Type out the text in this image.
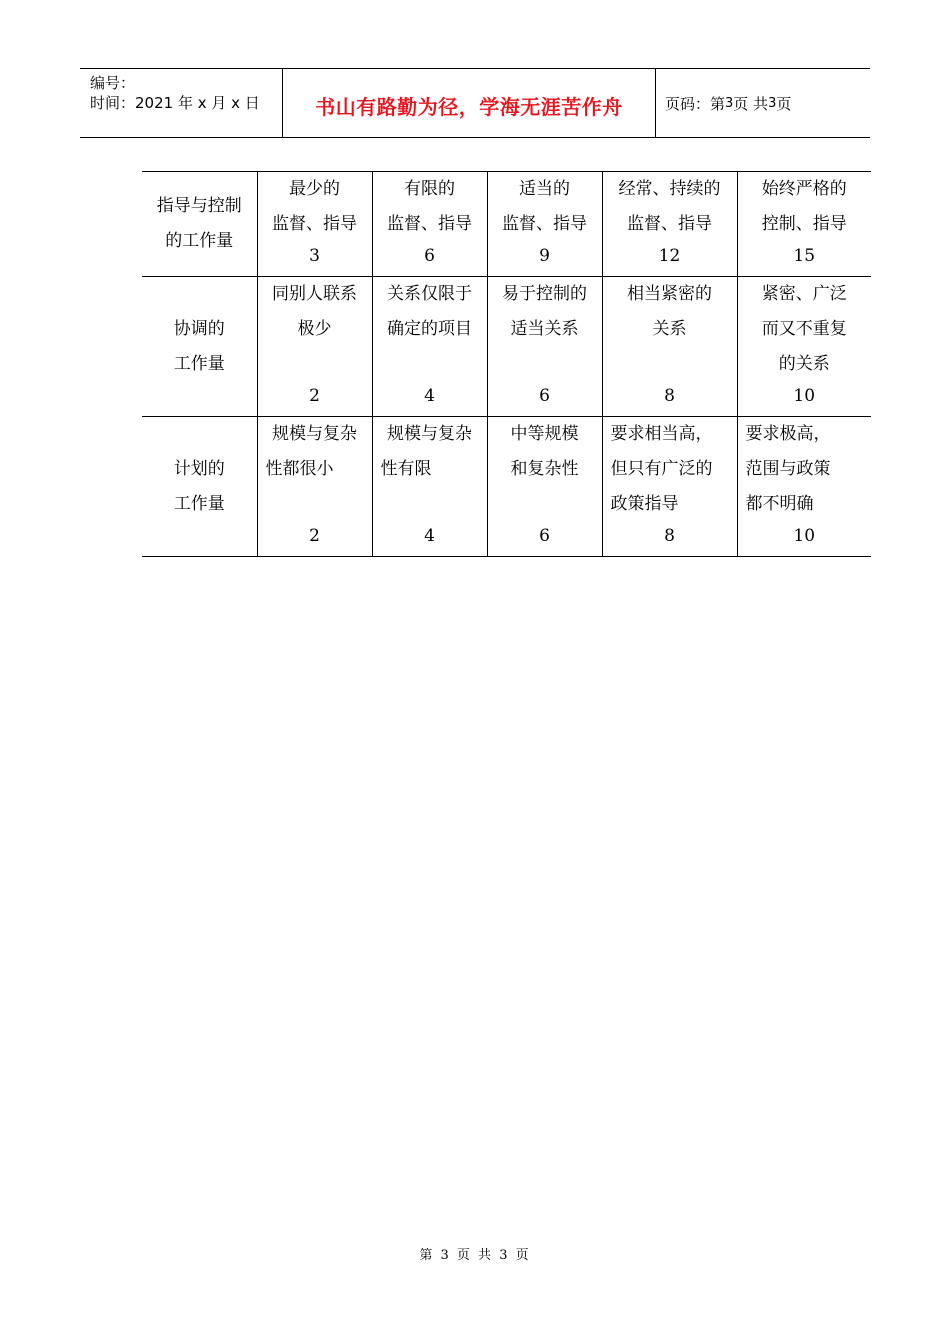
编号：
时间：2021 年 x 月 x 日	书山有路勤为径，学海无涯苦作舟	页码：第 3 页 共 3 页
指导与控制
的工作量	最少的
监督、指导
3	有限的
监督、指导
6	适当的
监督、指导
9	经常、持续的
监督、指导
12	始终严格的
控制、指导
15

协调的
工作量	同别人联系
极少
2	关系仅限于
确定的项目
4	易于控制的
适当关系
6	相当紧密的
关系
8	紧密、广泛
而又不重复
的关系
10

计划的
工作量	规模与复杂
性都很小
2	规模与复杂
性有限
4	中等规模
和复杂性
6	要求相当高，
但只有广泛的
政策指导
8	要求极高，
范围与政策
都不明确
10
第 3 页 共 3 页
